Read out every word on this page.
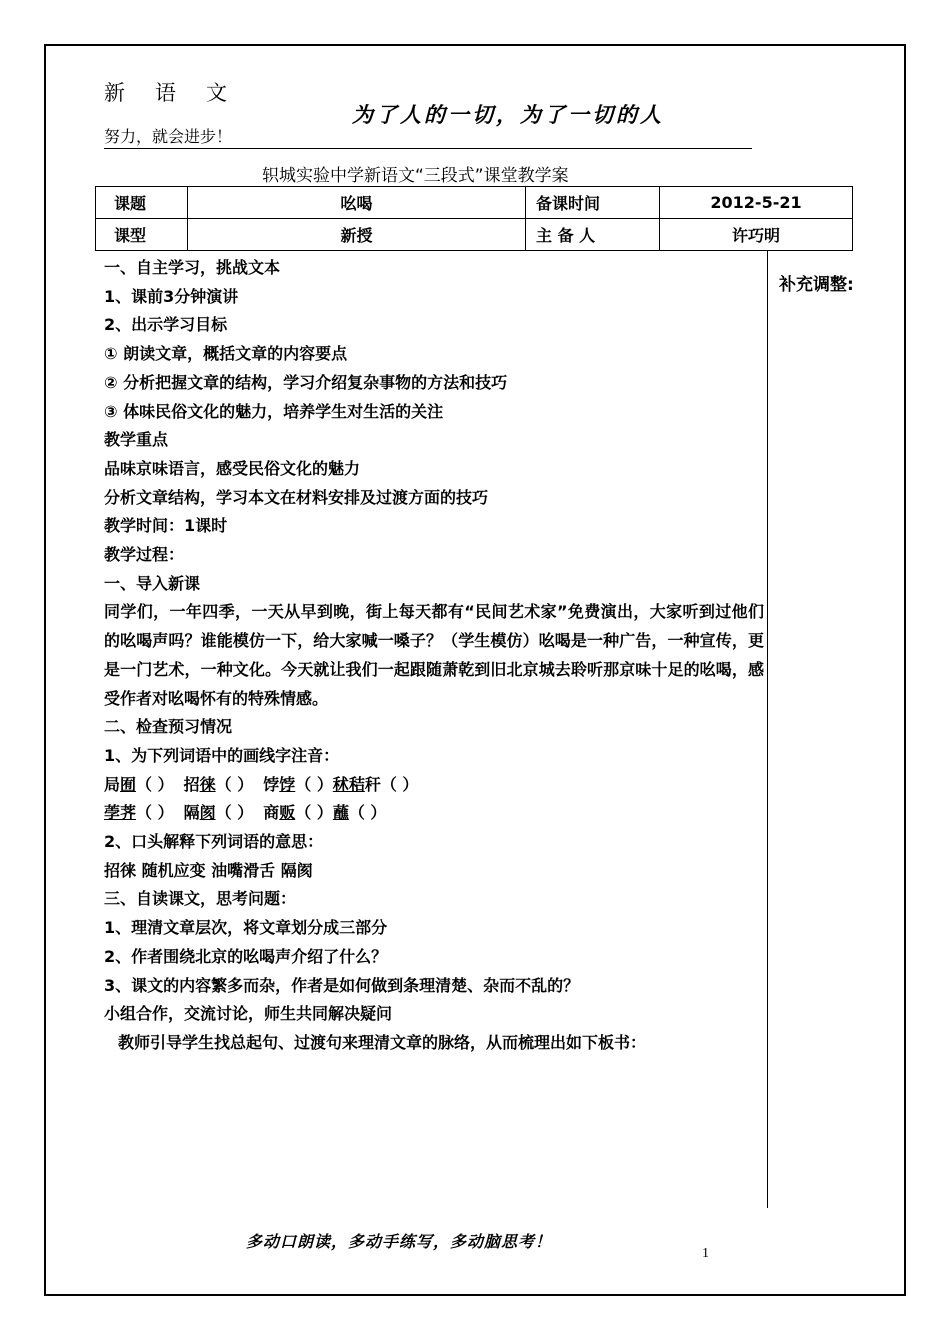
新语文
为了人的一切，为了一切的人
努力，就会进步！
轵城实验中学新语文“三段式”课堂教学案
课题	吆喝	备课时间	2012-5-21
课型	新授	主 备 人	许巧明
补充调整:

一、自主学习，挑战文本

1、课前3分钟演讲

2、出示学习目标

① 朗读文章，概括文章的内容要点

② 分析把握文章的结构，学习介绍复杂事物的方法和技巧

③ 体味民俗文化的魅力，培养学生对生活的关注

教学重点

品味京味语言，感受民俗文化的魅力

分析文章结构，学习本文在材料安排及过渡方面的技巧

教学时间：1课时

教学过程：

一、导入新课

同学们，一年四季，一天从早到晚，街上每天都有“民间艺术家”免费演出，大家听到过他们的吆喝声吗？谁能模仿一下，给大家喊一嗓子？（学生模仿）吆喝是一种广告，一种宣传，更是一门艺术，一种文化。今天就让我们一起跟随萧乾到旧北京城去聆听那京味十足的吆喝，感受作者对吆喝怀有的特殊情感。

二、检查预习情况

1、为下列词语中的画线字注音：

局囿（ ） 招徕（ ） 饽饽（ ）秫秸秆（ ）

荸荠（ ） 隔阂（ ） 商贩（ ）蘸（ ）

2、口头解释下列词语的意思：

招徕 随机应变 油嘴滑舌 隔阂

三、自读课文，思考问题：

1、理清文章层次，将文章划分成三部分

2、作者围绕北京的吆喝声介绍了什么？

3、课文的内容繁多而杂，作者是如何做到条理清楚、杂而不乱的？

小组合作，交流讨论，师生共同解决疑问

教师引导学生找总起句、过渡句来理清文章的脉络，从而梳理出如下板书：

多动口朗读，多动手练写，多动脑思考！
1
